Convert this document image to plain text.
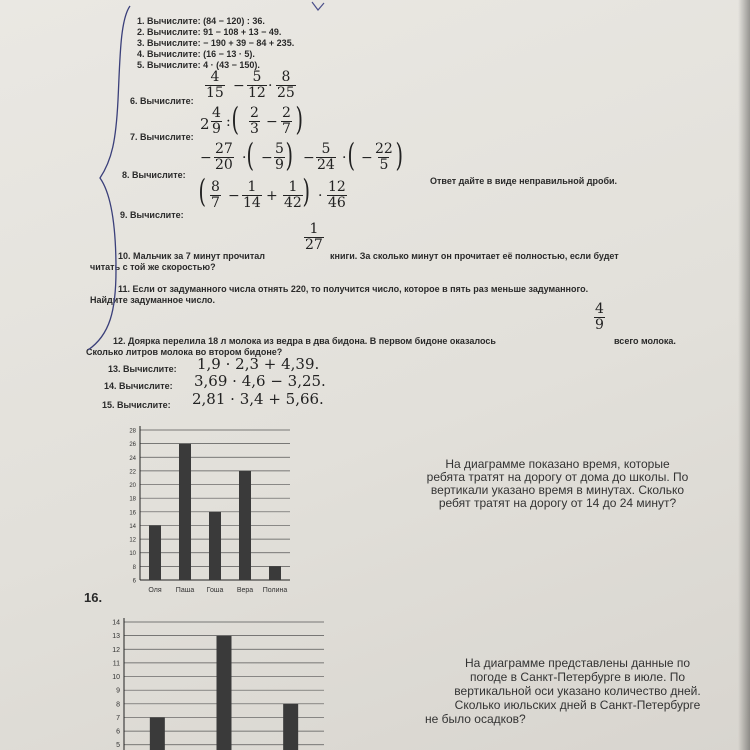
1. Вычислите: (84 − 120) : 36.
2. Вычислите: 91 − 108 + 13 − 49.
3. Вычислите: − 190 + 39 − 84 + 235.
4. Вычислите: (16 − 13 · 5).
5. Вычислите: 4 · (43 − 150).
6. Вычислите: $\frac{4}{15} - \frac{5}{12} \cdot \frac{8}{25}$
7. Вычислите:
$2 \frac{4}{9}$ : ( $\frac{2}{3} - \frac{2}{7}$ )
8. Вычислите:
− $\frac{27}{20}$ · ( − $\frac{5}{9}$ ) − $\frac{5}{24}$ · ( − $\frac{22}{5}$ )
Ответ дайте в виде неправильной дроби.
9. Вычислите:
( $\frac{8}{7} - \frac{1}{14} + \frac{1}{42}$ ) · $\frac{12}{46}$
10. Мальчик за 7 минут прочитал
$\frac{1}{27}$
книги. За сколько минут он прочитает её полностью, если будет
читать с той же скоростью?
11. Если от задуманного числа отнять 220, то получится число, которое в пять раз меньше задуманного.
Найдите задуманное число.
$\frac{4}{9}$
12. Доярка перелила 18 л молока из ведра в два бидона. В первом бидоне оказалось	всего молока.
Сколько литров молока во втором бидоне?
13. Вычислите: 1,9 · 2,3 + 4,39.
14. Вычислите: 3,69 · 4,6 − 3,25.
15. Вычислите: 2,81 · 3,4 + 5,66.
16.
6
8
10
12
14
16
18
20
22
24
26
28
Оля Паша Гоша Вера Полина
На диаграмме показано время, которые
ребята тратят на дорогу от дома до школы. По
вертикали указано время в минутах. Сколько
ребят тратят на дорогу от 14 до 24 минут?
5
6
7
8
9
10
11
12
13
14
На диаграмме представлены данные по
погоде в Санкт-Петербурге в июле. По
вертикальной оси указано количество дней.
Сколько июльских дней в Санкт-Петербурге
не было осадков?
